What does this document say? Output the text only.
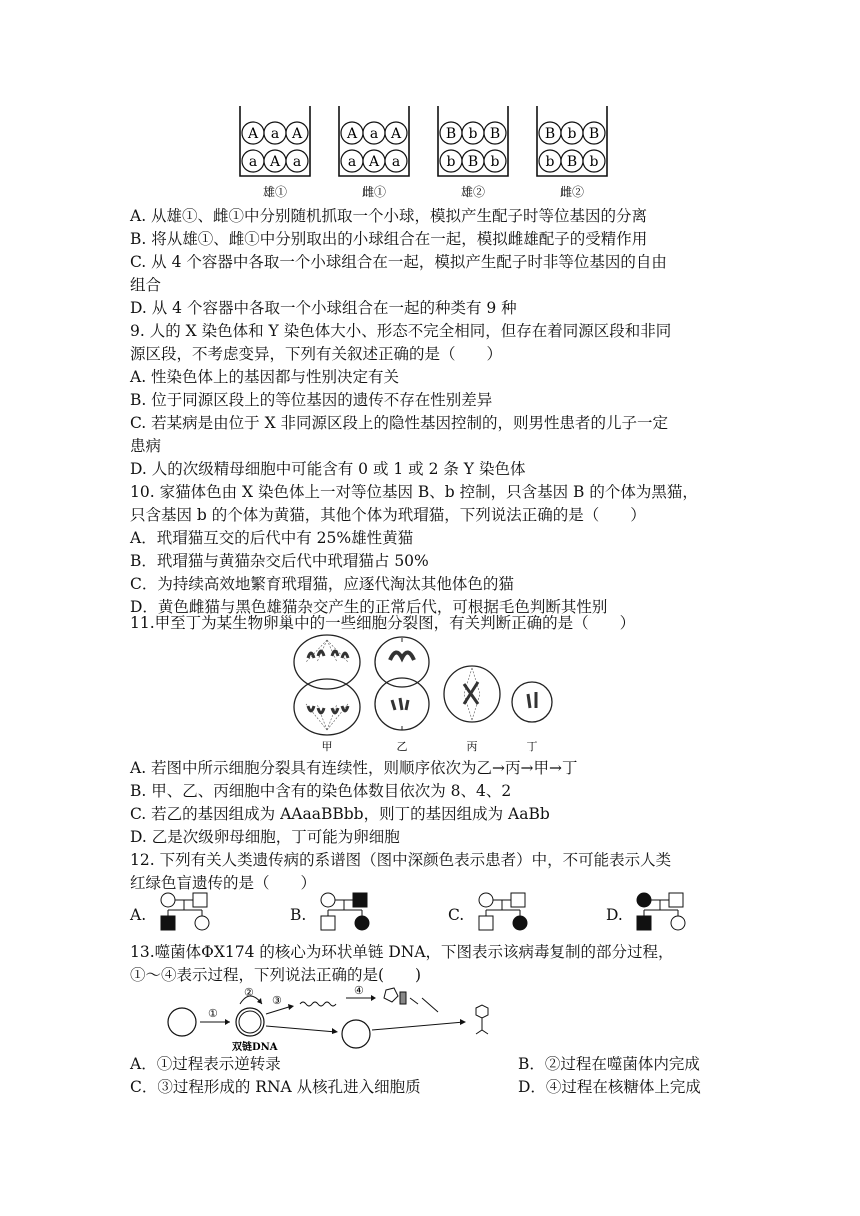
A a A
a A a
雄①
A a A
a A a
雌①
B b B
b B b
雄②
B b B
b B b
雌②
A. 从雄①、雌①中分别随机抓取一个小球，模拟产生配子时等位基因的分离
B. 将从雄①、雌①中分别取出的小球组合在一起，模拟雌雄配子的受精作用
C. 从 4 个容器中各取一个小球组合在一起，模拟产生配子时非等位基因的自由
组合
D. 从 4 个容器中各取一个小球组合在一起的种类有 9 种
9. 人的 X 染色体和 Y 染色体大小、形态不完全相同，但存在着同源区段和非同
源区段，不考虑变异，下列有关叙述正确的是（　　）
A. 性染色体上的基因都与性别决定有关
B. 位于同源区段上的等位基因的遗传不存在性别差异
C. 若某病是由位于 X 非同源区段上的隐性基因控制的，则男性患者的儿子一定
患病
D. 人的次级精母细胞中可能含有 0 或 1 或 2 条 Y 染色体
10. 家猫体色由 X 染色体上一对等位基因 B、b 控制，只含基因 B 的个体为黑猫，
只含基因 b 的个体为黄猫，其他个体为玳瑁猫，下列说法正确的是（　　）
A．玳瑁猫互交的后代中有 25%雄性黄猫
B．玳瑁猫与黄猫杂交后代中玳瑁猫占 50%
C．为持续高效地繁育玳瑁猫，应逐代淘汰其他体色的猫
D．黄色雌猫与黑色雄猫杂交产生的正常后代，可根据毛色判断其性别
11.甲至丁为某生物卵巢中的一些细胞分裂图，有关判断正确的是（　　）
甲	乙	丙	丁
A. 若图中所示细胞分裂具有连续性，则顺序依次为乙→丙→甲→丁
B. 甲、乙、丙细胞中含有的染色体数目依次为 8、4、2
C. 若乙的基因组成为 AAaaBBbb，则丁的基因组成为 AaBb
D. 乙是次级卵母细胞，丁可能为卵细胞
12. 下列有关人类遗传病的系谱图（图中深颜色表示患者）中，不可能表示人类
红绿色盲遗传的是（　　）
A.	B.	C.	D.
13.噬菌体ΦX174 的核心为环状单链 DNA，下图表示该病毒复制的部分过程，
①～④表示过程，下列说法正确的是(　　)
①
②
双链DNA
③
④
A．①过程表示逆转录	B．②过程在噬菌体内完成
C．③过程形成的 RNA 从核孔进入细胞质	D．④过程在核糖体上完成
